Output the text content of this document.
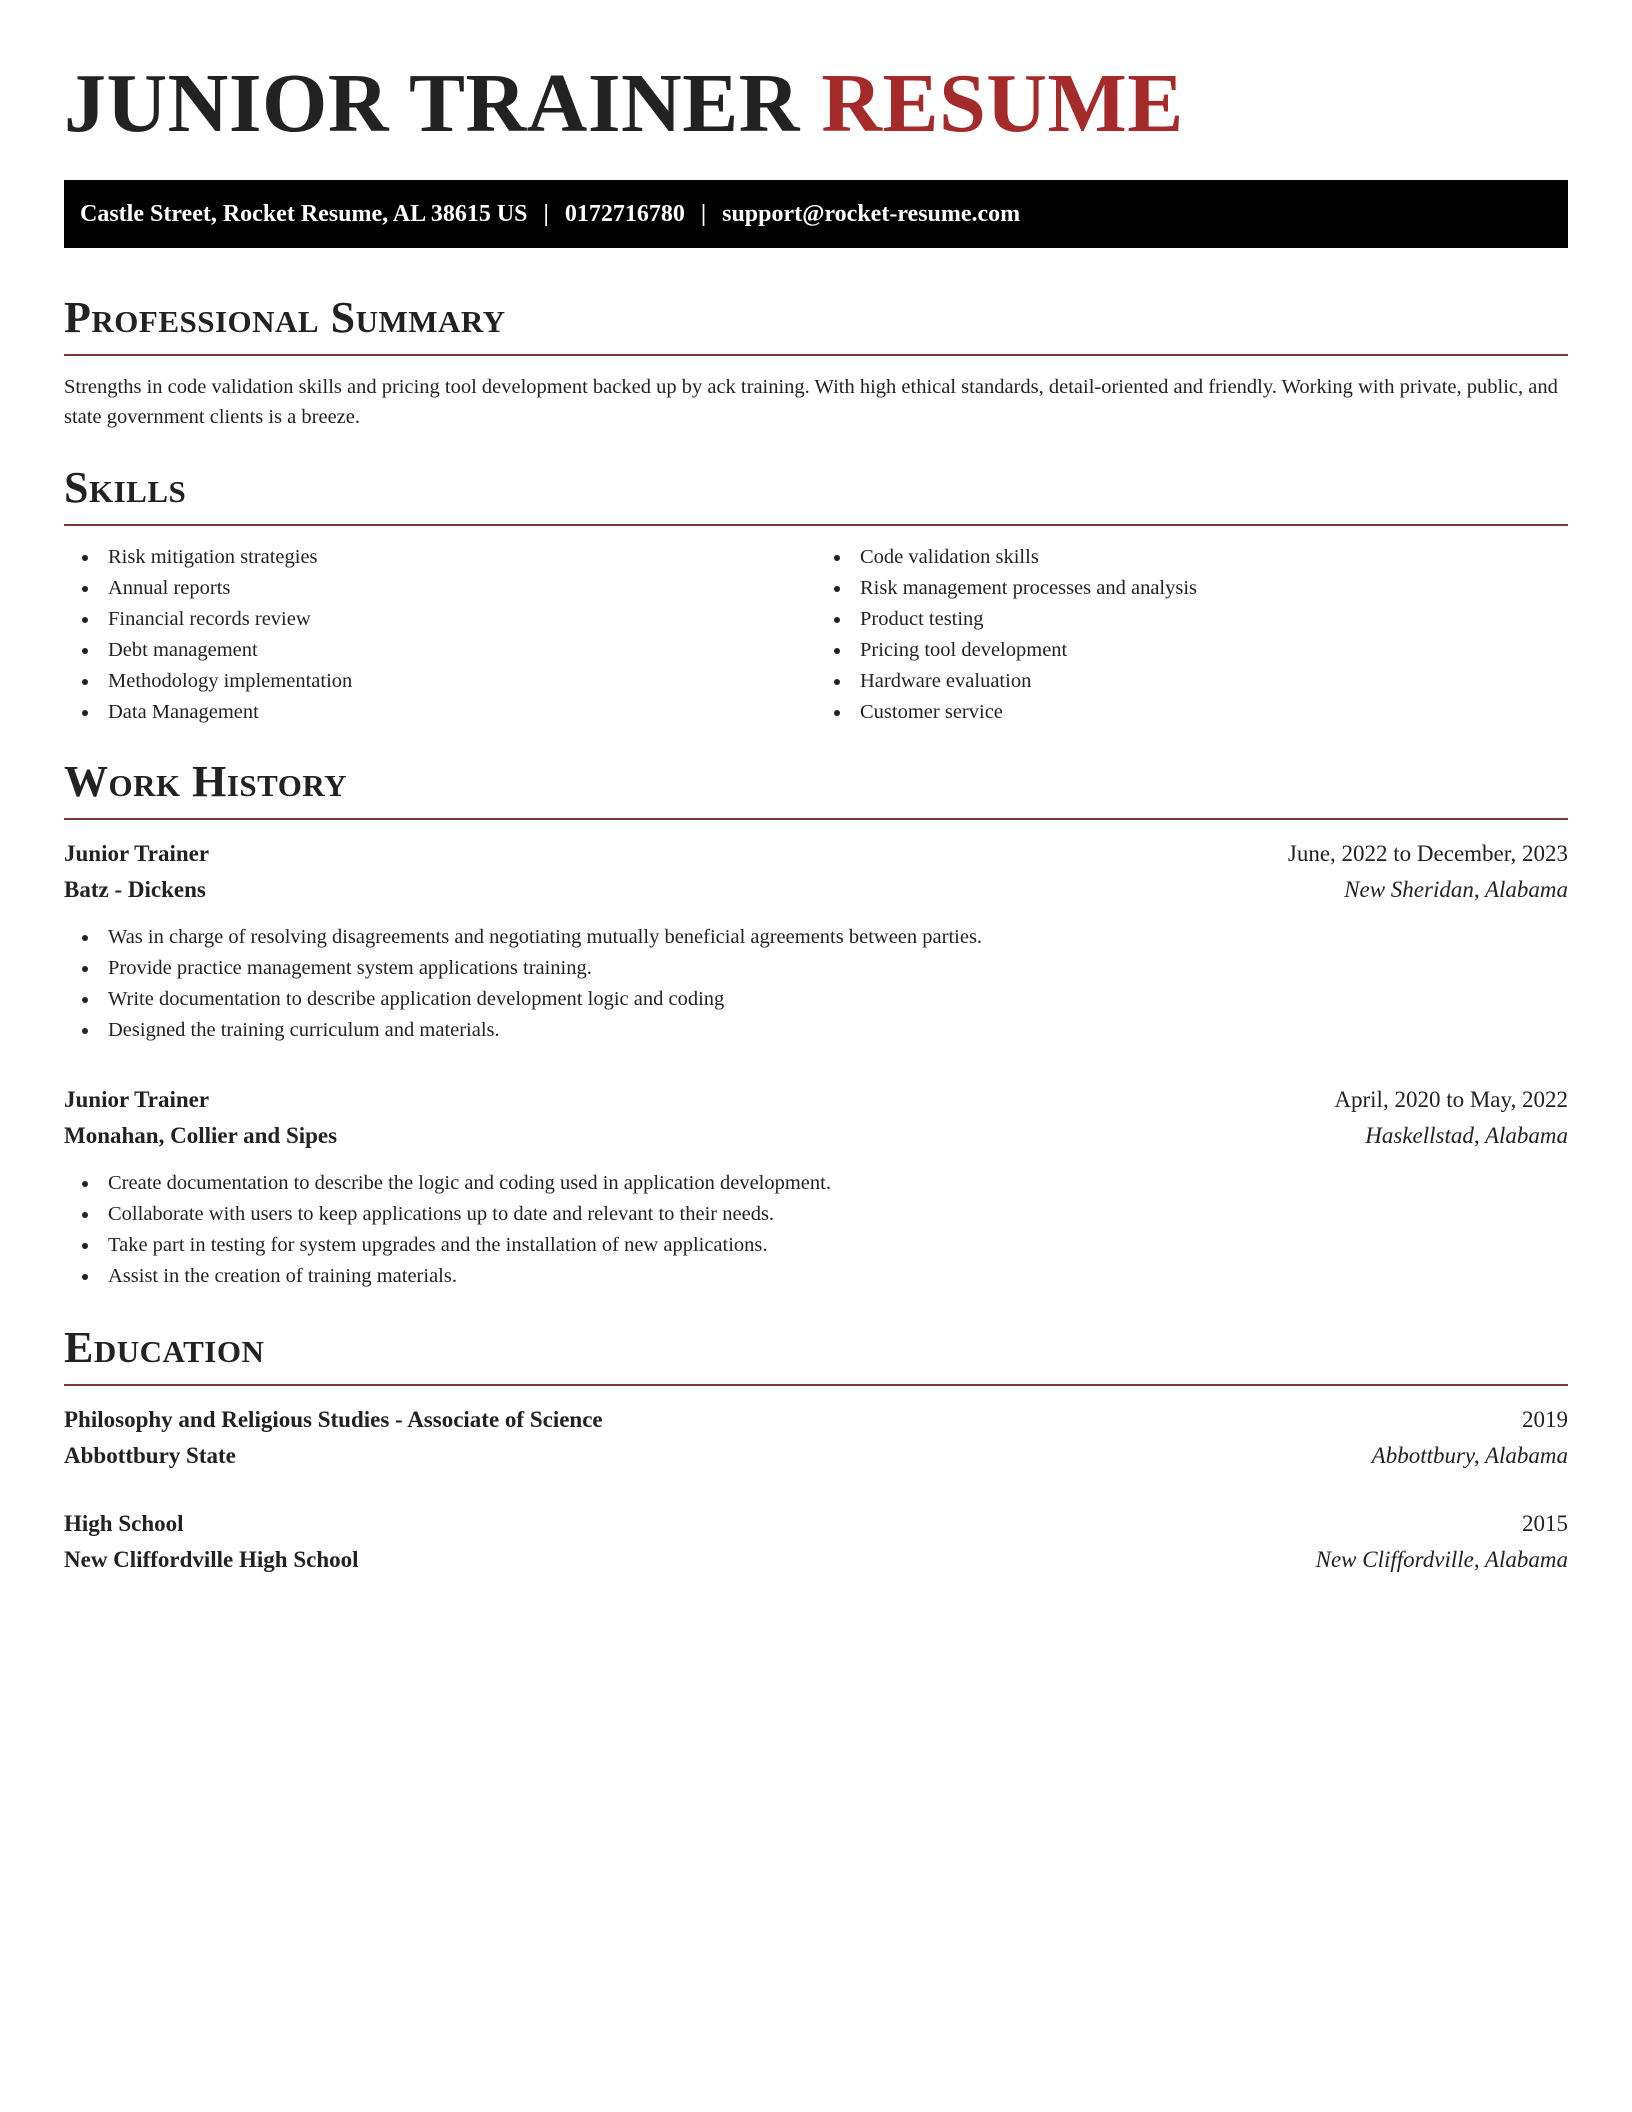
JUNIOR TRAINER RESUME
Castle Street, Rocket Resume, AL 38615 US | 0172716780 | support@rocket-resume.com
Professional Summary

Strengths in code validation skills and pricing tool development backed up by ack training. With high ethical standards, detail-oriented and friendly. Working with private, public, and state government clients is a breeze.

Skills
Risk mitigation strategies
Annual reports
Financial records review
Debt management
Methodology implementation
Data Management
Code validation skills
Risk management processes and analysis
Product testing
Pricing tool development
Hardware evaluation
Customer service
Work History
Junior Trainer	June, 2022 to December, 2023
Batz - Dickens	New Sheridan, Alabama
Was in charge of resolving disagreements and negotiating mutually beneficial agreements between parties.
Provide practice management system applications training.
Write documentation to describe application development logic and coding
Designed the training curriculum and materials.
Junior Trainer	April, 2020 to May, 2022
Monahan, Collier and Sipes	Haskellstad, Alabama
Create documentation to describe the logic and coding used in application development.
Collaborate with users to keep applications up to date and relevant to their needs.
Take part in testing for system upgrades and the installation of new applications.
Assist in the creation of training materials.
Education
Philosophy and Religious Studies - Associate of Science	2019
Abbottbury State	Abbottbury, Alabama
High School	2015
New Cliffordville High School	New Cliffordville, Alabama
